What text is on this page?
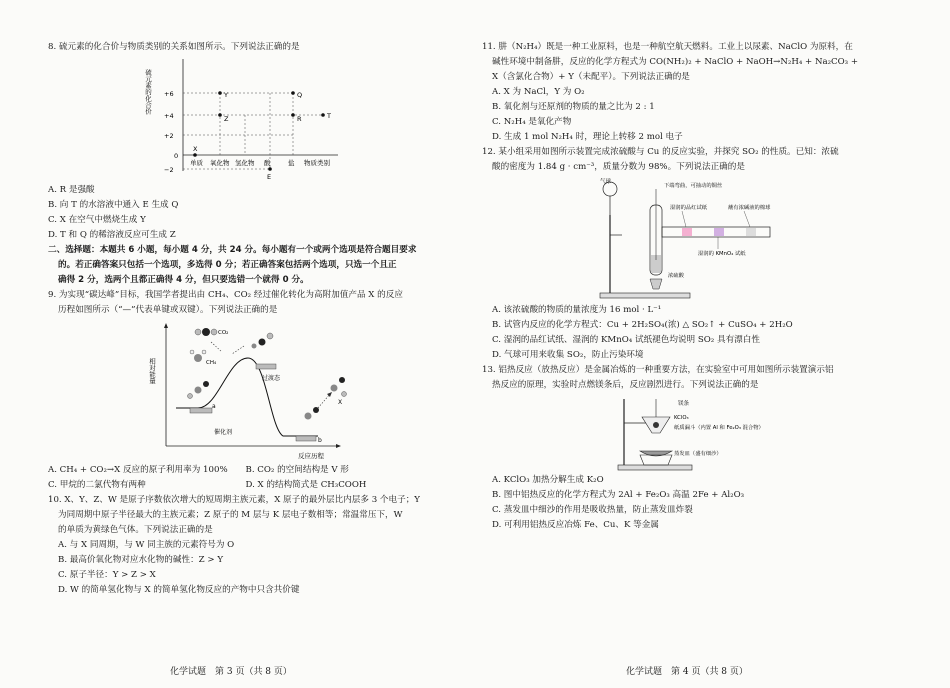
8. 硫元素的化合价与物质类别的关系如图所示。下列说法正确的是
硫元素的化合价 +6
+4
+2
0
−2
单质 氧化物 氢化物 酸	盐 物质类别
Y	Q
Z	R	T
X
E
A. R 是强酸
B. 向 T 的水溶液中通入 E 生成 Q
C. X 在空气中燃烧生成 Y
D. T 和 Q 的稀溶液反应可生成 Z
二、选择题：本题共 6 小题，每小题 4 分，共 24 分。每小题有一个或两个选项是符合题目要求
的。若正确答案只包括一个选项，多选得 0 分；若正确答案包括两个选项，只选一个且正
确得 2 分，选两个且都正确得 4 分，但只要选错一个就得 0 分。
9. 为实现“碳达峰”目标，我国学者提出由 CH₄、CO₂ 经过催化转化为高附加值产品 X 的反应
历程如图所示（“—”代表单键或双键）。下列说法正确的是
相对能量
反应历程
CO₂
CH₄
过渡态
催化剂
a
b
X
A. CH₄ + CO₂→X 反应的原子利用率为 100%	B. CO₂ 的空间结构是 V 形
C. 甲烷的二氯代物有两种	D. X 的结构简式是 CH₃COOH
10. X、Y、Z、W 是原子序数依次增大的短周期主族元素，X 原子的最外层比内层多 3 个电子；Y
为同周期中原子半径最大的主族元素；Z 原子的 M 层与 K 层电子数相等；常温常压下，W
的单质为黄绿色气体。下列说法正确的是
A. 与 X 同周期，与 W 同主族的元素符号为 O
B. 最高价氧化物对应水化物的碱性：Z > Y
C. 原子半径：Y > Z > X
D. W 的简单氢化物与 X 的简单氢化物反应的产物中只含共价键
化学试题　第 3 页（共 8 页）
11. 肼（N₂H₄）既是一种工业原料，也是一种航空航天燃料。工业上以尿素、NaClO 为原料，在
碱性环境中制备肼，反应的化学方程式为 CO(NH₂)₂ + NaClO + NaOH→N₂H₄ + Na₂CO₃ +
X（含氯化合物）+ Y（未配平）。下列说法正确的是
A. X 为 NaCl，Y 为 O₂
B. 氧化剂与还原剂的物质的量之比为 2 : 1
C. N₂H₄ 是氧化产物
D. 生成 1 mol N₂H₄ 时，理论上转移 2 mol 电子
12. 某小组采用如图所示装置完成浓硫酸与 Cu 的反应实验，并探究 SO₂ 的性质。已知：浓硫
酸的密度为 1.84 g · cm⁻³，质量分数为 98%。下列说法正确的是
气球
下端弯曲，可抽动的铜丝
湿润的品红试纸	蘸有浓碱液的棉球
湿润的 KMnO₄ 试纸
浓硫酸
A. 该浓硫酸的物质的量浓度为 16 mol · L⁻¹
B. 试管内反应的化学方程式：Cu + 2H₂SO₄(浓) △ SO₂↑ + CuSO₄ + 2H₂O
C. 湿润的品红试纸、湿润的 KMnO₄ 试纸褪色均说明 SO₂ 具有漂白性
D. 气球可用来收集 SO₂，防止污染环境
13. 铝热反应（放热反应）是金属冶炼的一种重要方法，在实验室中可用如图所示装置演示铝
热反应的原理，实验时点燃镁条后，反应剧烈进行。下列说法正确的是
镁条
KClO₃
纸质漏斗（内置 Al 和 Fe₂O₃ 混合物）
蒸发皿（盛有细沙）
A. KClO₃ 加热分解生成 K₂O
B. 图中铝热反应的化学方程式为 2Al + Fe₂O₃ 高温 2Fe + Al₂O₃
C. 蒸发皿中细沙的作用是吸收热量，防止蒸发皿炸裂
D. 可利用铝热反应冶炼 Fe、Cu、K 等金属
化学试题　第 4 页（共 8 页）
